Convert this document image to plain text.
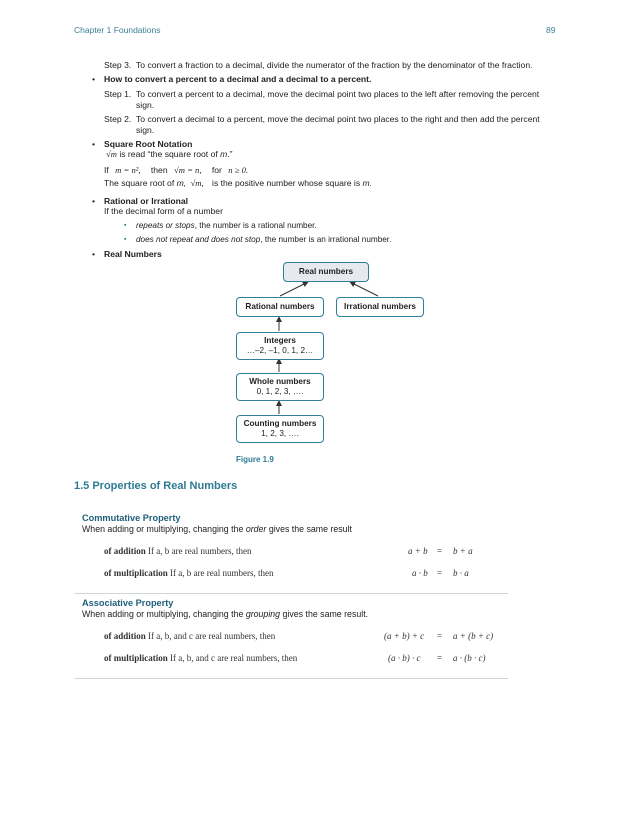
Chapter 1 Foundations	89
Step 3. To convert a fraction to a decimal, divide the numerator of the fraction by the denominator of the fraction.
• How to convert a percent to a decimal and a decimal to a percent.
Step 1. To convert a percent to a decimal, move the decimal point two places to the left after removing the percent
sign.
Step 2. To convert a decimal to a percent, move the decimal point two places to the right and then add the percent
sign.
• Square Root Notation
√m is read “the square root of m.”
If m = n², then √m = n, for n ≥ 0.
The square root of m, √m, is the positive number whose square is m.
• Rational or Irrational
If the decimal form of a number
▪ repeats or stops, the number is a rational number.
▪ does not repeat and does not stop, the number is an irrational number.
• Real Numbers
Real numbers
Rational numbers	Irrational numbers
Integers
…–2, –1, 0, 1, 2…
Whole numbers
0, 1, 2, 3, ….
Counting numbers
1, 2, 3, ….
Figure 1.9
1.5 Properties of Real Numbers
Commutative Property
When adding or multiplying, changing the order gives the same result
of addition If a, b are real numbers, then	a + b = b + a
of multiplication If a, b are real numbers, then	a · b = b · a
Associative Property
When adding or multiplying, changing the grouping gives the same result.
of addition If a, b, and c are real numbers, then	(a + b) + c = a + (b + c)
of multiplication If a, b, and c are real numbers, then	(a · b) · c = a · (b · c)
